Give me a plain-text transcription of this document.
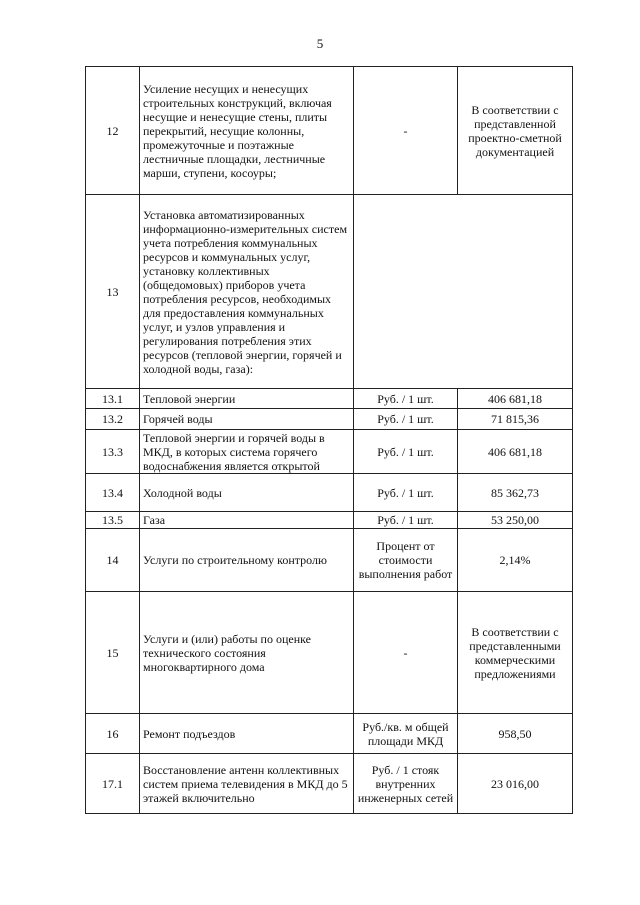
5
12	Усиление несущих и ненесущих строительных конструкций, включая несущие и ненесущие стены, плиты перекрытий, несущие колонны, промежуточные и поэтажные лестничные площадки, лестничные марши, ступени, косоуры;	-	В соответствии с представленной проектно-сметной документацией
13	Установка автоматизированных информационно-измерительных систем учета потребления коммунальных ресурсов и коммунальных услуг, установку коллективных (общедомовых) приборов учета потребления ресурсов, необходимых для предоставления коммунальных услуг, и узлов управления и регулирования потребления этих ресурсов (тепловой энергии, горячей и холодной воды, газа):		
13.1	Тепловой энергии	Руб. / 1 шт.	406 681,18
13.2	Горячей воды	Руб. / 1 шт.	71 815,36
13.3	Тепловой энергии и горячей воды в МКД, в которых система горячего водоснабжения является открытой	Руб. / 1 шт.	406 681,18
13.4	Холодной воды	Руб. / 1 шт.	85 362,73
13.5	Газа	Руб. / 1 шт.	53 250,00
14	Услуги по строительному контролю	Процент от стоимости выполнения работ	2,14%
15	Услуги и (или) работы по оценке технического состояния многоквартирного дома	-	В соответствии с представленными коммерческими предложениями
16	Ремонт подъездов	Руб./кв. м общей площади МКД	958,50
17.1	Восстановление антенн коллективных систем приема телевидения в МКД до 5 этажей включительно	Руб. / 1 стояк внутренних инженерных сетей	23 016,00
